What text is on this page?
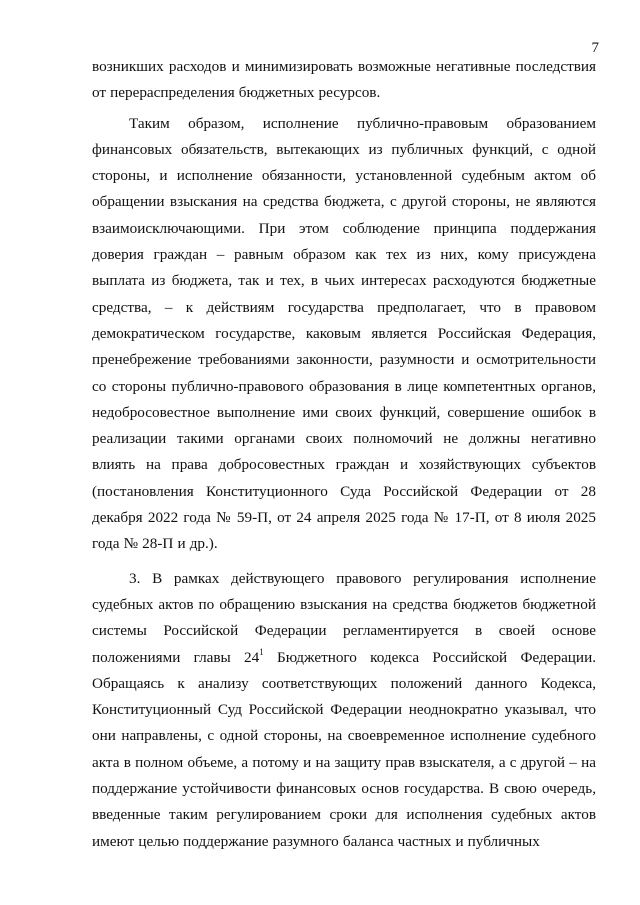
7

возникших расходов и минимизировать возможные негативные последствия от перераспределения бюджетных ресурсов.

Таким образом, исполнение публично-правовым образованием финансовых обязательств, вытекающих из публичных функций, с одной стороны, и исполнение обязанности, установленной судебным актом об обращении взыскания на средства бюджета, с другой стороны, не являются взаимоисключающими. При этом соблюдение принципа поддержания доверия граждан – равным образом как тех из них, кому присуждена выплата из бюджета, так и тех, в чьих интересах расходуются бюджетные средства, – к действиям государства предполагает, что в правовом демократическом государстве, каковым является Российская Федерация, пренебрежение требованиями законности, разумности и осмотрительности со стороны публично-правового образования в лице компетентных органов, недобросовестное выполнение ими своих функций, совершение ошибок в реализации такими органами своих полномочий не должны негативно влиять на права добросовестных граждан и хозяйствующих субъектов (постановления Конституционного Суда Российской Федерации от 28 декабря 2022 года № 59-П, от 24 апреля 2025 года № 17-П, от 8 июля 2025 года № 28-П и др.).

3. В рамках действующего правового регулирования исполнение судебных актов по обращению взыскания на средства бюджетов бюджетной системы Российской Федерации регламентируется в своей основе положениями главы $24^1$ Бюджетного кодекса Российской Федерации. Обращаясь к анализу соответствующих положений данного Кодекса, Конституционный Суд Российской Федерации неоднократно указывал, что они направлены, с одной стороны, на своевременное исполнение судебного акта в полном объеме, а потому и на защиту прав взыскателя, а с другой – на поддержание устойчивости финансовых основ государства. В свою очередь, введенные таким регулированием сроки для исполнения судебных актов имеют целью поддержание разумного баланса частных и публичных
